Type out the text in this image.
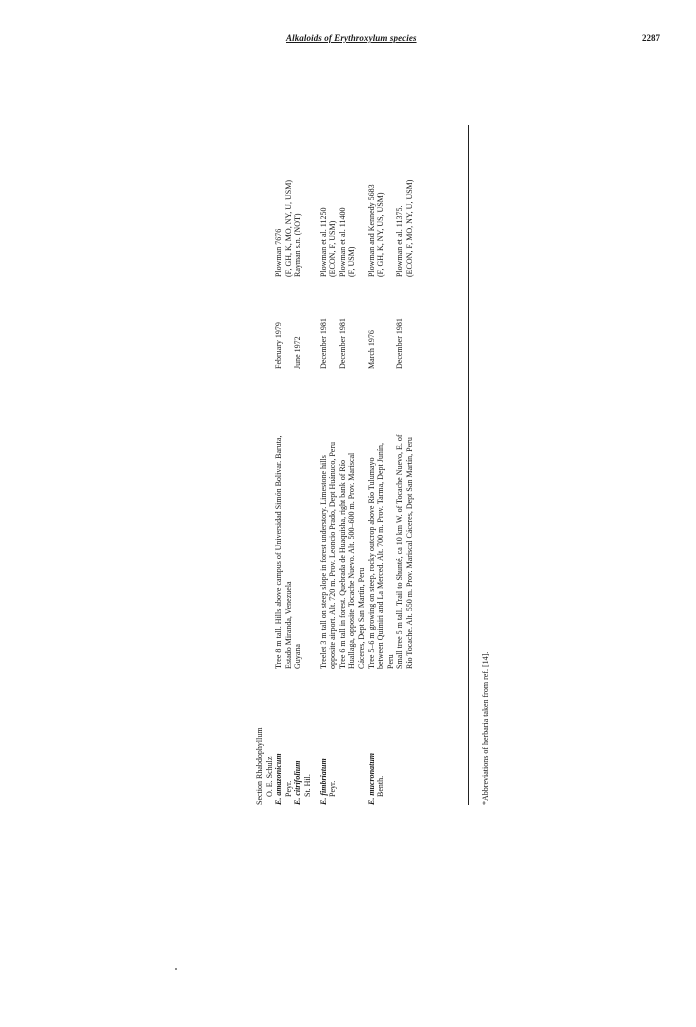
Alkaloids of Erythroxylum species	2287
Section Rhabdophyllum O. E. Schulz E. amazonicum Peyr.
Tree 8 m tall. Hills above campus of Universidad Simón Bolivar. Baruta, Estado Miranda, Venezuela
February 1979
Plowman 7676 (F, GH, K, MO, NY, U, USM)
E. citrifolium St. Hil.
Guyana
June 1972
Rayman s.n. (NOT)
E. fimbriatum Peyr.
Treelet 3 m tall on steep slope in forest understory. Limestone hills opposite airport. Alt. 720 m. Prov. Leoncio Prado, Dept Huánuco, Peru Tree 6 m tall in forest. Quebrada de Huaquisha, right bank of Río Huallaga, opposite Tocache Nuevo. Alt. 500–600 m. Prov. Mariscal Cáceres, Dept San Martín, Peru
December 1981
December 1981
Plowman et al. 11250 (ECON, F, USM) Plowman et al. 11400 (F, USM)
E. mucronatum Benth.
Tree 5–6 m growing on steep, rocky outcrop above Río Tulumayo between Quimiri and La Merced. Alt. 700 m. Prov. Tarma, Dept Junín, Peru Small tree 5 m tall. Trail to Shunté, ca 10 km W. of Tocache Nuevo, E. of Río Tocache. Alt. 550 m. Prov. Mariscal Cáceres, Dept San Martín, Peru
March 1976

December 1981
Plowman and Kennedy 5683 (F, GH, K, NY, US, USM)
Plowman et al. 11375. (ECON, F, MO, NY, U, USM)
*Abbreviations of herbaria taken from ref. [14].
